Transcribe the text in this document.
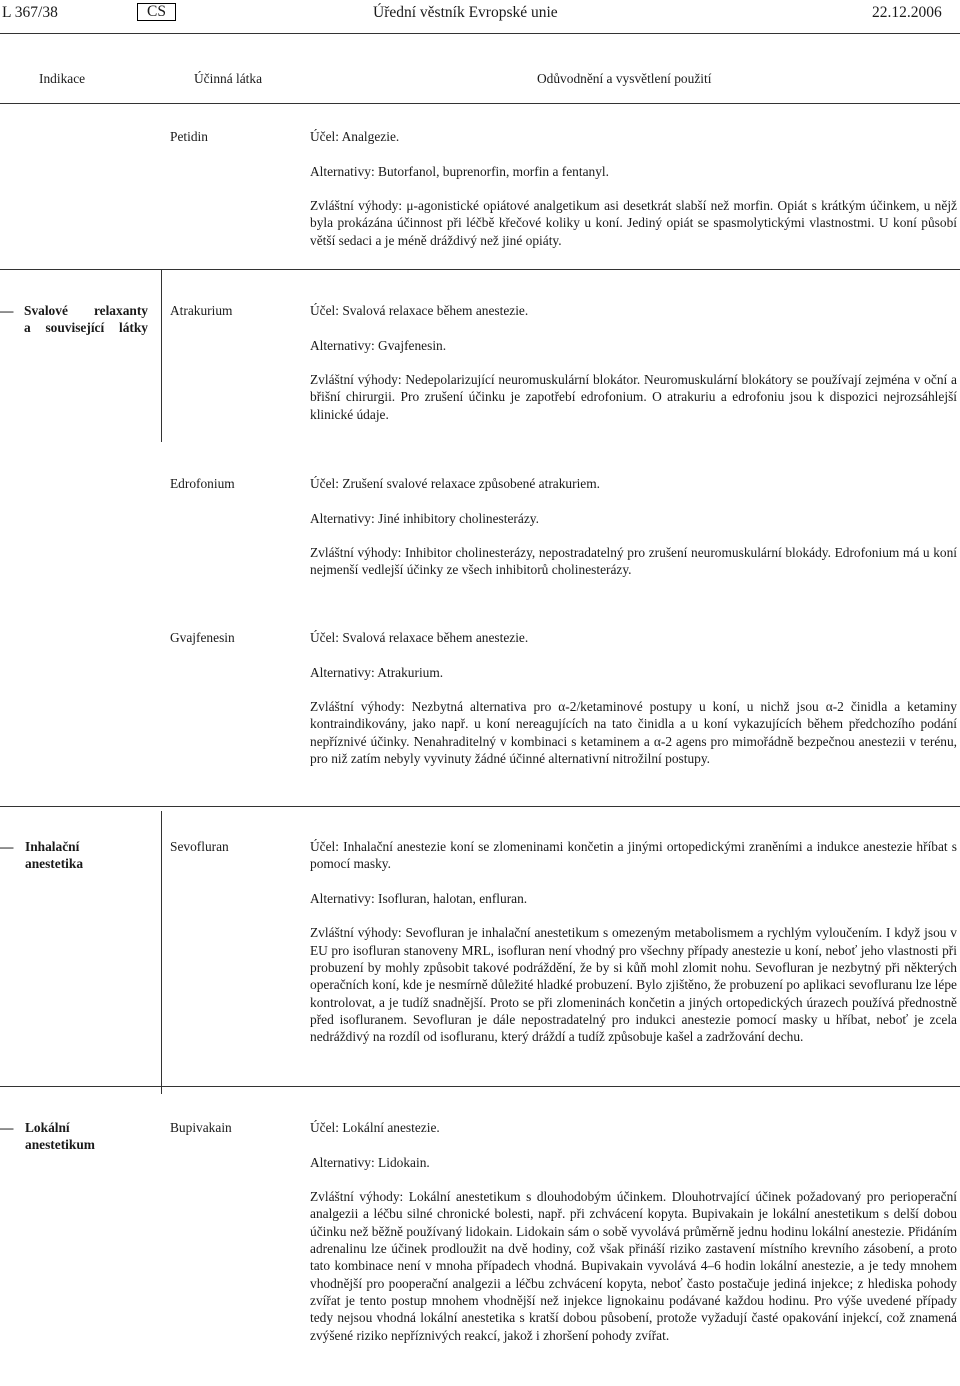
L 367/38	CS	Úřední věstník Evropské unie	22.12.2006
Indikace	Účinná látka	Odůvodnění a vysvětlení použití
Petidin	Účel: Analgezie.

Alternativy: Butorfanol, buprenorfin, morfin a fentanyl.

Zvláštní výhody: μ-agonistické opiátové analgetikum asi desetkrát slabší než morfin. Opiát s krátkým účinkem, u nějž byla prokázána účinnost při léčbě křečové koliky u koní. Jediný opiát se spasmolytickými vlastnostmi. U koní působí větší sedaci a je méně dráždivý než jiné opiáty.

— Svalové relaxanty
a související látky
Atrakurium	Účel: Svalová relaxace během anestezie.

Alternativy: Gvajfenesin.

Zvláštní výhody: Nedepolarizující neuromuskulární blokátor. Neuromuskulární blokátory se používají zejména v oční a břišní chirurgii. Pro zrušení účinku je zapotřebí edrofonium. O atrakuriu a edrofoniu jsou k dispozici nejrozsáhlejší klinické údaje.

Edrofonium	Účel: Zrušení svalové relaxace způsobené atrakuriem.

Alternativy: Jiné inhibitory cholinesterázy.

Zvláštní výhody: Inhibitor cholinesterázy, nepostradatelný pro zrušení neuromuskulární blokády. Edrofonium má u koní nejmenší vedlejší účinky ze všech inhibitorů cholinesterázy.

Gvajfenesin	Účel: Svalová relaxace během anestezie.

Alternativy: Atrakurium.

Zvláštní výhody: Nezbytná alternativa pro α-2/ketaminové postupy u koní, u nichž jsou α-2 činidla a ketaminy kontraindikovány, jako např. u koní nereagujících na tato činidla a u koní vykazujících během předchozího podání nepříznivé účinky. Nenahraditelný v kombinaci s ketaminem a α-2 agens pro mimořádně bezpečnou anestezii v terénu, pro niž zatím nebyly vyvinuty žádné účinné alternativní nitrožilní postupy.

— Inhalační
anestetika
Sevofluran	Účel: Inhalační anestezie koní se zlomeninami končetin a jinými ortopedickými zraněními a indukce anestezie hříbat s pomocí masky.

Alternativy: Isofluran, halotan, enfluran.

Zvláštní výhody: Sevofluran je inhalační anestetikum s omezeným metabolismem a rychlým vyloučením. I když jsou v EU pro isofluran stanoveny MRL, isofluran není vhodný pro všechny případy anestezie u koní, neboť jeho vlastnosti při probuzení by mohly způsobit takové podráždění, že by si kůň mohl zlomit nohu. Sevofluran je nezbytný při některých operačních koní, kde je nesmírně důležité hladké probuzení. Bylo zjištěno, že probuzení po aplikaci sevofluranu lze lépe kontrolovat, a je tudíž snadnější. Proto se při zlomeninách končetin a jiných ortopedických úrazech používá přednostně před isofluranem. Sevofluran je dále nepostradatelný pro indukci anestezie pomocí masky u hříbat, neboť je zcela nedráždivý na rozdíl od isofluranu, který dráždí a tudíž způsobuje kašel a zadržování dechu.

— Lokální
anestetikum
Bupivakain	Účel: Lokální anestezie.

Alternativy: Lidokain.

Zvláštní výhody: Lokální anestetikum s dlouhodobým účinkem. Dlouhotrvající účinek požadovaný pro perioperační analgezii a léčbu silné chronické bolesti, např. při zchvácení kopyta. Bupivakain je lokální anestetikum s delší dobou účinku než běžně používaný lidokain. Lidokain sám o sobě vyvolává průměrně jednu hodinu lokální anestezie. Přidáním adrenalinu lze účinek prodloužit na dvě hodiny, což však přináší riziko zastavení místního krevního zásobení, a proto tato kombinace není v mnoha případech vhodná. Bupivakain vyvolává 4–6 hodin lokální anestezie, a je tedy mnohem vhodnější pro pooperační analgezii a léčbu zchvácení kopyta, neboť často postačuje jediná injekce; z hlediska pohody zvířat je tento postup mnohem vhodnější než injekce lignokainu podávané každou hodinu. Pro výše uvedené případy tedy nejsou vhodná lokální anestetika s kratší dobou působení, protože vyžadují časté opakování injekcí, což znamená zvýšené riziko nepříznivých reakcí, jakož i zhoršení pohody zvířat.
